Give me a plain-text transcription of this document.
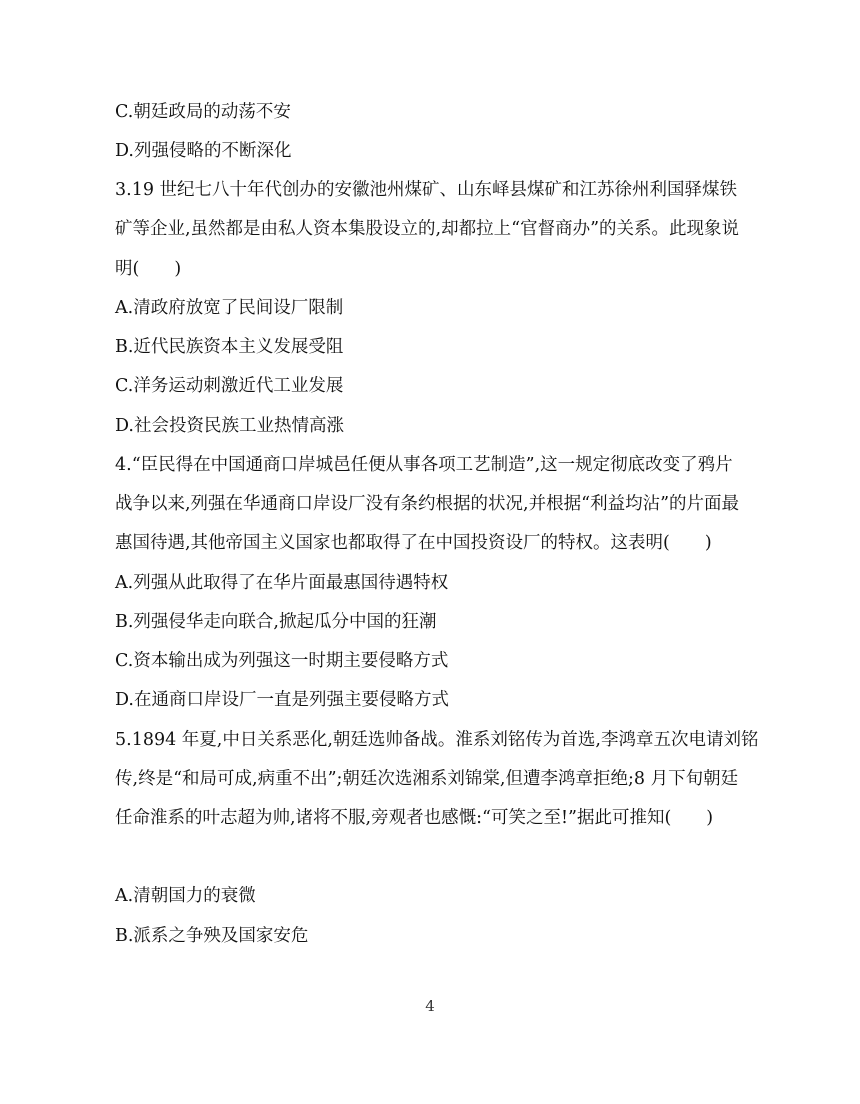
C.朝廷政局的动荡不安
D.列强侵略的不断深化
3.19 世纪七八十年代创办的安徽池州煤矿、山东峄县煤矿和江苏徐州利国驿煤铁
矿等企业,虽然都是由私人资本集股设立的,却都拉上“官督商办”的关系。此现象说
明(　　)
A.清政府放宽了民间设厂限制
B.近代民族资本主义发展受阻
C.洋务运动刺激近代工业发展
D.社会投资民族工业热情高涨
4.“臣民得在中国通商口岸城邑任便从事各项工艺制造”,这一规定彻底改变了鸦片
战争以来,列强在华通商口岸设厂没有条约根据的状况,并根据“利益均沾”的片面最
惠国待遇,其他帝国主义国家也都取得了在中国投资设厂的特权。这表明(　　)
A.列强从此取得了在华片面最惠国待遇特权
B.列强侵华走向联合,掀起瓜分中国的狂潮
C.资本输出成为列强这一时期主要侵略方式
D.在通商口岸设厂一直是列强主要侵略方式
5.1894 年夏,中日关系恶化,朝廷选帅备战。淮系刘铭传为首选,李鸿章五次电请刘铭
传,终是“和局可成,病重不出”;朝廷次选湘系刘锦棠,但遭李鸿章拒绝;8 月下旬朝廷
任命淮系的叶志超为帅,诸将不服,旁观者也感慨:“可笑之至!”据此可推知(　　)
A.清朝国力的衰微
B.派系之争殃及国家安危
4
